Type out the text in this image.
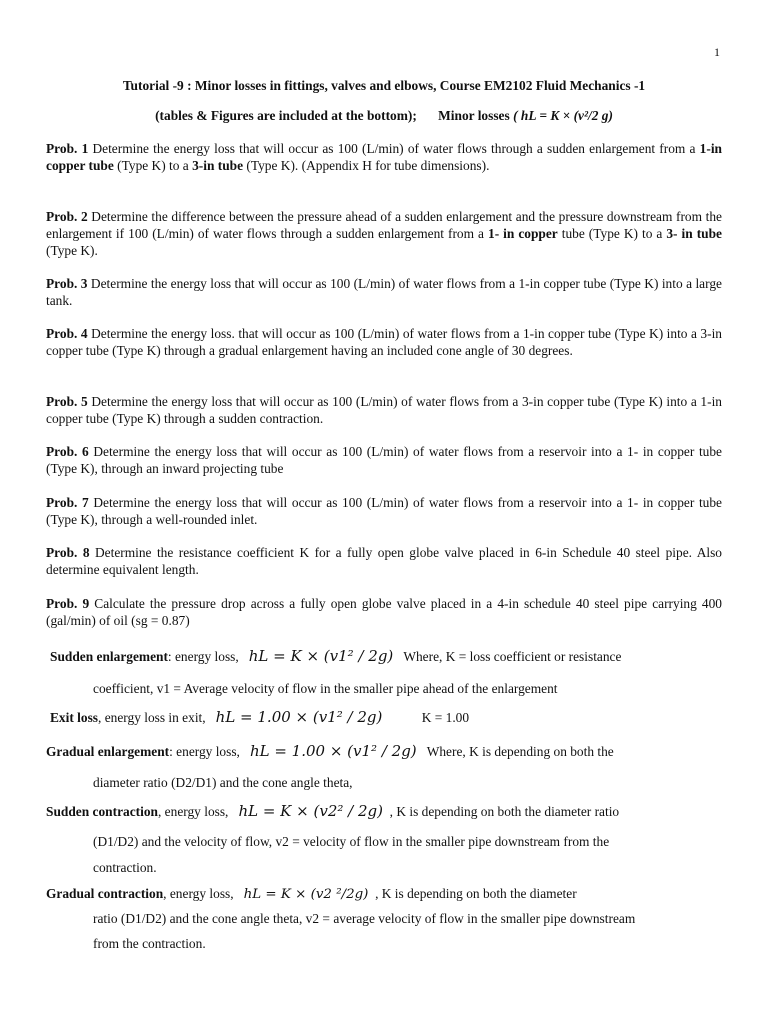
1
Tutorial -9 : Minor losses in fittings, valves and elbows, Course EM2102 Fluid Mechanics -1
(tables & Figures are included at the bottom); Minor losses ( hL = K × (v²/2 g)
Prob. 1 Determine the energy loss that will occur as 100 (L/min) of water flows through a sudden enlargement from a 1-in copper tube (Type K) to a 3-in tube (Type K). (Appendix H for tube dimensions).
Prob. 2 Determine the difference between the pressure ahead of a sudden enlargement and the pressure downstream from the enlargement if 100 (L/min) of water flows through a sudden enlargement from a 1- in copper tube (Type K) to a 3- in tube (Type K).
Prob. 3 Determine the energy loss that will occur as 100 (L/min) of water flows from a 1-in copper tube (Type K) into a large tank.
Prob. 4 Determine the energy loss. that will occur as 100 (L/min) of water flows from a 1-in copper tube (Type K) into a 3-in copper tube (Type K) through a gradual enlargement having an included cone angle of 30 degrees.
Prob. 5 Determine the energy loss that will occur as 100 (L/min) of water flows from a 3-in copper tube (Type K) into a 1-in copper tube (Type K) through a sudden contraction.
Prob. 6 Determine the energy loss that will occur as 100 (L/min) of water flows from a reservoir into a 1- in copper tube (Type K), through an inward projecting tube
Prob. 7 Determine the energy loss that will occur as 100 (L/min) of water flows from a reservoir into a 1- in copper tube (Type K), through a well-rounded inlet.
Prob. 8 Determine the resistance coefficient K for a fully open globe valve placed in 6-in Schedule 40 steel pipe. Also determine equivalent length.
Prob. 9 Calculate the pressure drop across a fully open globe valve placed in a 4-in schedule 40 steel pipe carrying 400 (gal/min) of oil (sg = 0.87)
Sudden enlargement: energy loss, hL = K × (v1² / 2g) Where, K = loss coefficient or resistance
coefficient, v1 = Average velocity of flow in the smaller pipe ahead of the enlargement
Exit loss, energy loss in exit, hL = 1.00 × (v1² / 2g)	K = 1.00
Gradual enlargement: energy loss, hL = 1.00 × (v1² / 2g) Where, K is depending on both the
diameter ratio (D2/D1) and the cone angle theta,
Sudden contraction, energy loss, hL = K × (v2² / 2g) , K is depending on both the diameter ratio
(D1/D2) and the velocity of flow, v2 = velocity of flow in the smaller pipe downstream from the
contraction.
Gradual contraction, energy loss, hL = K × (v2 ²/2g) , K is depending on both the diameter
ratio (D1/D2) and the cone angle theta, v2 = average velocity of flow in the smaller pipe downstream
from the contraction.
